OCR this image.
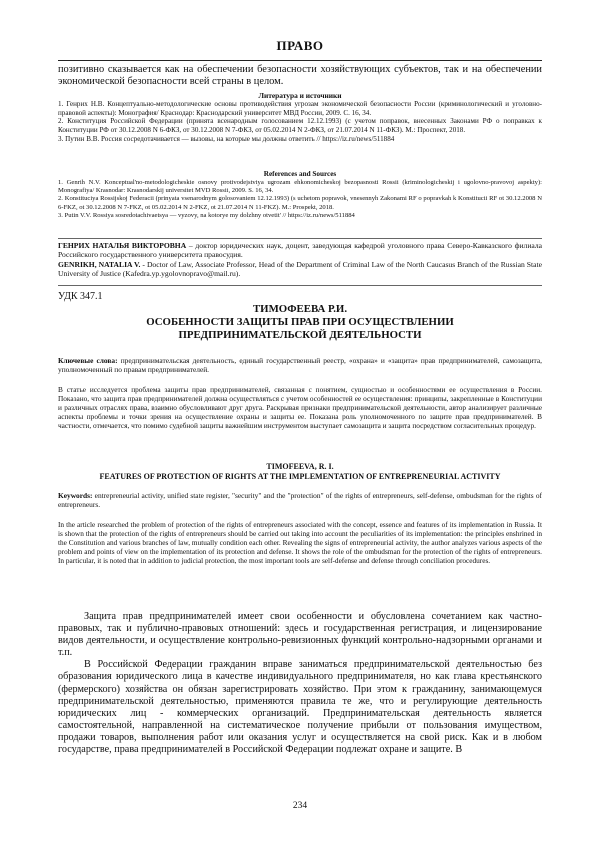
ПРАВО

позитивно сказывается как на обеспечении безопасности хозяйствующих субъектов, так и на обеспечении экономической безопасности всей страны в целом.

Литература и источники

1. Генрих Н.В. Концептуально-методологические основы противодействия угрозам экономической безопасности России (криминологический и уголовно-правовой аспекты): Монография/ Краснодар: Краснодарский университет МВД России, 2009. С. 16, 34.

2. Конституция Российской Федерации (принята всенародным голосованием 12.12.1993) (с учетом поправок, внесенных Законами РФ о поправках к Конституции РФ от 30.12.2008 N 6-ФКЗ, от 30.12.2008 N 7-ФКЗ, от 05.02.2014 N 2-ФКЗ, от 21.07.2014 N 11-ФКЗ). М.: Проспект, 2018.

3. Путин В.В. Россия сосредотачивается — вызовы, на которые мы должны ответить // https://iz.ru/news/511884

References and Sources

1. Genrih N.V. Konceptual'no-metodologicheskie osnovy protivodejstviya ugrozam ehkonomicheskoj bezopasnosti Rossii (kriminologicheskij i ugolovno-pravovoj aspekty): Monografiya/ Krasnodar: Krasnodarskij universitet MVD Rossii, 2009. S. 16, 34.

2. Konstituciya Rossijskoj Federacii (prinyata vsenarodnym golosovaniem 12.12.1993) (s uchetom popravok, vnesennyh Zakonami RF o popravkah k Konstitucii RF ot 30.12.2008 N 6-FKZ, ot 30.12.2008 N 7-FKZ, ot 05.02.2014 N 2-FKZ, ot 21.07.2014 N 11-FKZ). M.: Prospekt, 2018.

3. Putin V.V. Rossiya sosredotachivaetsya — vyzovy, na kotorye my dolzhny otvetit' // https://iz.ru/news/511884

ГЕНРИХ НАТАЛЬЯ ВИКТОРОВНА – доктор юридических наук, доцент, заведующая кафедрой уголовного права Северо-Кавказского филиала Российского государственного университета правосудия.

GENRIKH, NATALIA V. - Doctor of Law, Associate Professor, Head of the Department of Criminal Law of the North Caucasus Branch of the Russian State University of Justice (Kafedra.yp.ygolovnopravo@mail.ru).

УДК 347.1

ТИМОФЕЕВА Р.И.

ОСОБЕННОСТИ ЗАЩИТЫ ПРАВ ПРИ ОСУЩЕСТВЛЕНИИ

ПРЕДПРИНИМАТЕЛЬСКОЙ ДЕЯТЕЛЬНОСТИ

Ключевые слова: предпринимательская деятельность, единый государственный реестр, «охрана» и «защита» прав предпринимателей, самозащита, уполномоченный по правам предпринимателей.

В статье исследуется проблема защиты прав предпринимателей, связанная с понятием, сущностью и особенностями ее осуществления в России. Показано, что защита прав предпринимателей должна осуществляться с учетом особенностей ее осуществления: принципы, закрепленные в Конституции и различных отраслях права, взаимно обусловливают друг друга. Раскрывая признаки предпринимательской деятельности, автор анализирует различные аспекты проблемы и точки зрения на осуществление охраны и защиты ее. Показана роль уполномоченного по защите прав предпринимателей. В частности, отмечается, что помимо судебной защиты важнейшим инструментом выступает самозащита и защита посредством согласительных процедур.

TIMOFEEVA, R. I.

FEATURES OF PROTECTION OF RIGHTS AT THE IMPLEMENTATION OF ENTREPRENEURIAL ACTIVITY

Keywords: entrepreneurial activity, unified state register, "security" and the "protection" of the rights of entrepreneurs, self-defense, ombudsman for the rights of entrepreneurs.

In the article researched the problem of protection of the rights of entrepreneurs associated with the concept, essence and features of its implementation in Russia. It is shown that the protection of the rights of entrepreneurs should be carried out taking into account the peculiarities of its implementation: the principles enshrined in the Constitution and various branches of law, mutually condition each other. Revealing the signs of entrepreneurial activity, the author analyzes various aspects of the problem and points of view on the implementation of its protection and defense. It shows the role of the ombudsman for the protection of the rights of entrepreneurs. In particular, it is noted that in addition to judicial protection, the most important tools are self-defense and defense through conciliation procedures.

Защита прав предпринимателей имеет свои особенности и обусловлена сочетанием как частно-правовых, так и публично-правовых отношений: здесь и государственная регистрация, и лицензирование видов деятельности, и осуществление контрольно-ревизионных функций контрольно-надзорными органами и т.п.

В Российской Федерации гражданин вправе заниматься предпринимательской деятельностью без образования юридического лица в качестве индивидуального предпринимателя, но как глава крестьянского (фермерского) хозяйства он обязан зарегистрировать хозяйство. При этом к гражданину, занимающемуся предпринимательской деятельностью, применяются правила те же, что и регулирующие деятельность юридических лиц - коммерческих организаций. Предпринимательская деятельность является самостоятельной, направленной на систематическое получение прибыли от пользования имуществом, продажи товаров, выполнения работ или оказания услуг и осуществляется на свой риск. Как и в любом государстве, права предпринимателей в Российской Федерации подлежат охране и защите. В

234
